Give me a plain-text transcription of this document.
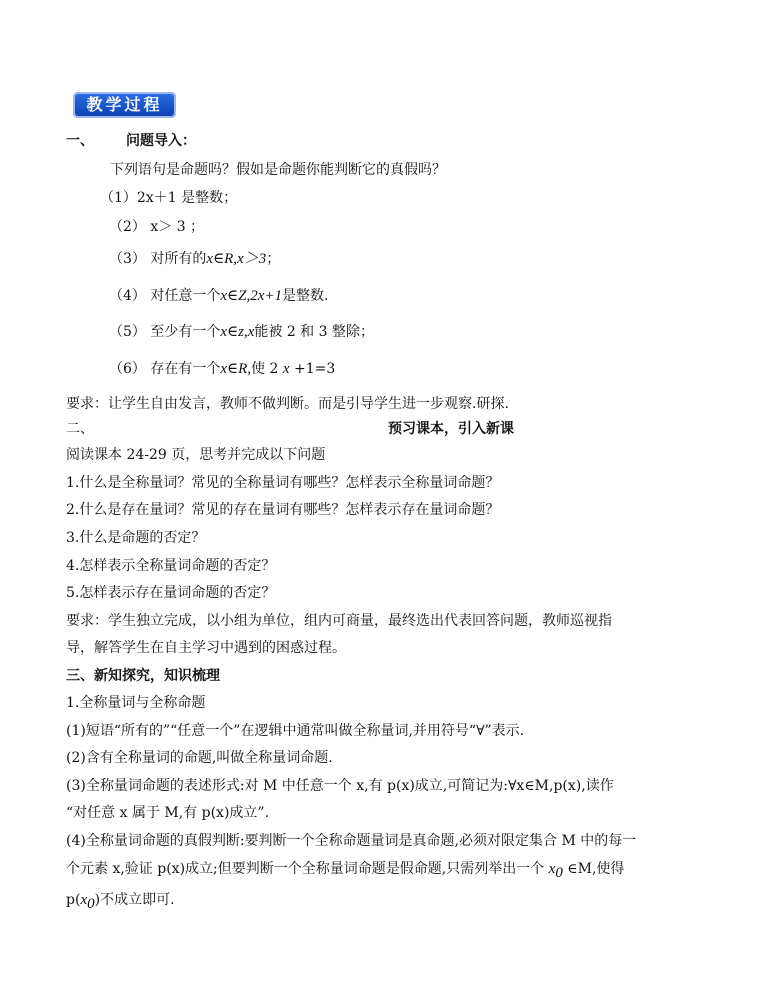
教学过程
一、 问题导入：
下列语句是命题吗？假如是命题你能判断它的真假吗？
（1）2x＋1 是整数；
（2） x＞ 3 ；
（3） 对所有的x∈R,x＞3；
（4） 对任意一个x∈Z,2x+1是整数.
（5） 至少有一个x∈z,x能被 2 和 3 整除；
（6） 存在有一个x∈R,使 2 x +1=3
要求：让学生自由发言，教师不做判断。而是引导学生进一步观察.研探.
二、	预习课本，引入新课
阅读课本 24-29 页，思考并完成以下问题
1.什么是全称量词？常见的全称量词有哪些？怎样表示全称量词命题？
2.什么是存在量词？常见的存在量词有哪些？怎样表示存在量词命题？
3.什么是命题的否定？
4.怎样表示全称量词命题的否定？
5.怎样表示存在量词命题的否定？
要求：学生独立完成，以小组为单位，组内可商量，最终选出代表回答问题，教师巡视指
导，解答学生在自主学习中遇到的困惑过程。
三、新知探究，知识梳理
1.全称量词与全称命题
(1)短语“所有的”“任意一个”在逻辑中通常叫做全称量词,并用符号“∀”表示.
(2)含有全称量词的命题,叫做全称量词命题.
(3)全称量词命题的表述形式:对 M 中任意一个 x,有 p(x)成立,可简记为:∀x∈M,p(x),读作
“对任意 x 属于 M,有 p(x)成立”.
(4)全称量词命题的真假判断:要判断一个全称命题量词是真命题,必须对限定集合 M 中的每一
个元素 x,验证 p(x)成立;但要判断一个全称量词命题是假命题,只需列举出一个 $x_0$ ∈M,使得
$p(x_0)$不成立即可.
